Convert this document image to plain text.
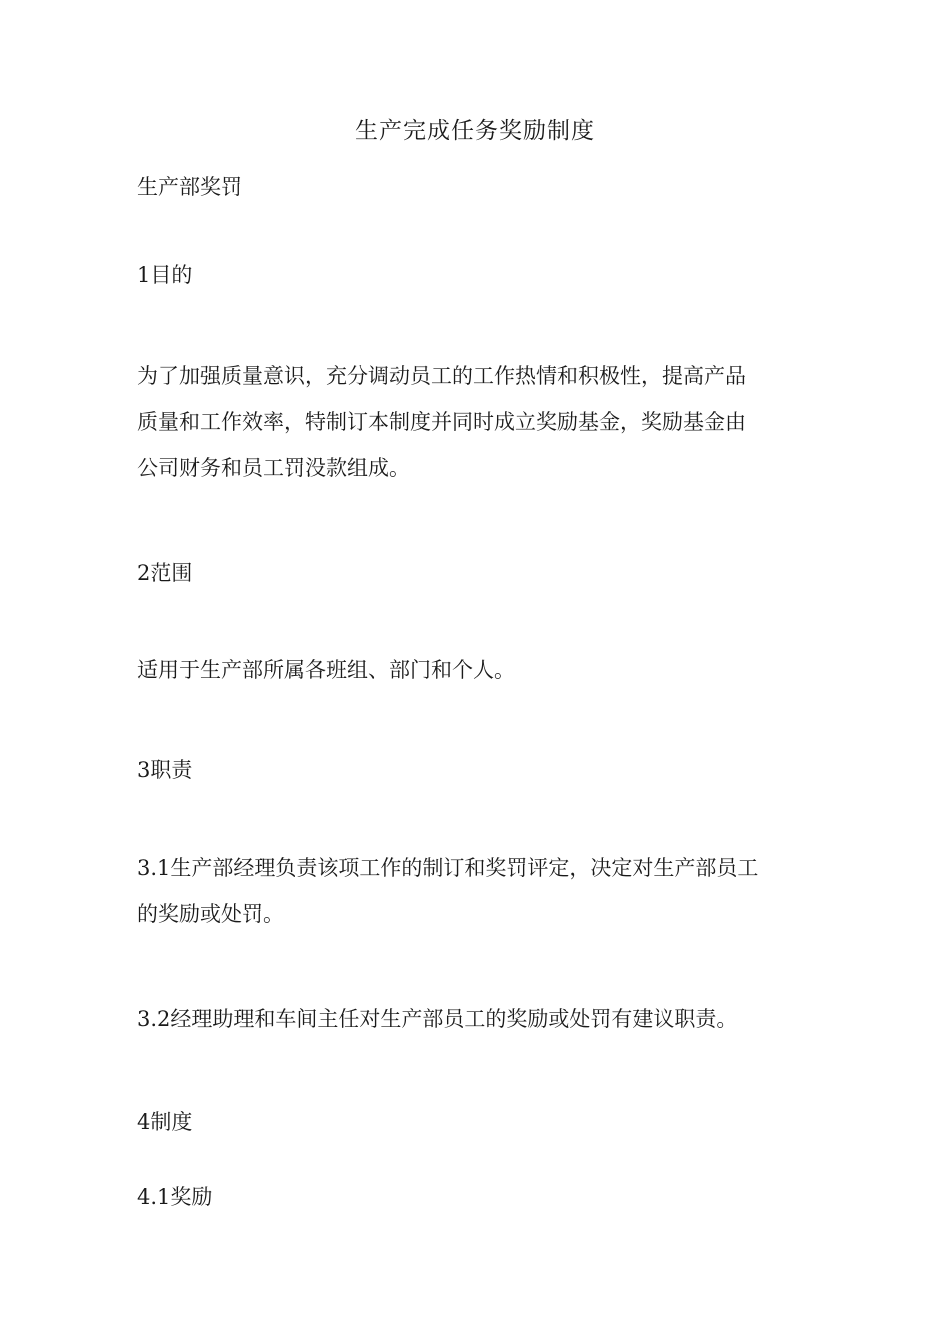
生产完成任务奖励制度
生产部奖罚
1目的
为了加强质量意识，充分调动员工的工作热情和积极性，提高产品
质量和工作效率，特制订本制度并同时成立奖励基金，奖励基金由
公司财务和员工罚没款组成。
2范围
适用于生产部所属各班组、部门和个人。
3职责
3.1生产部经理负责该项工作的制订和奖罚评定，决定对生产部员工
的奖励或处罚。
3.2经理助理和车间主任对生产部员工的奖励或处罚有建议职责。
4制度
4.1奖励
